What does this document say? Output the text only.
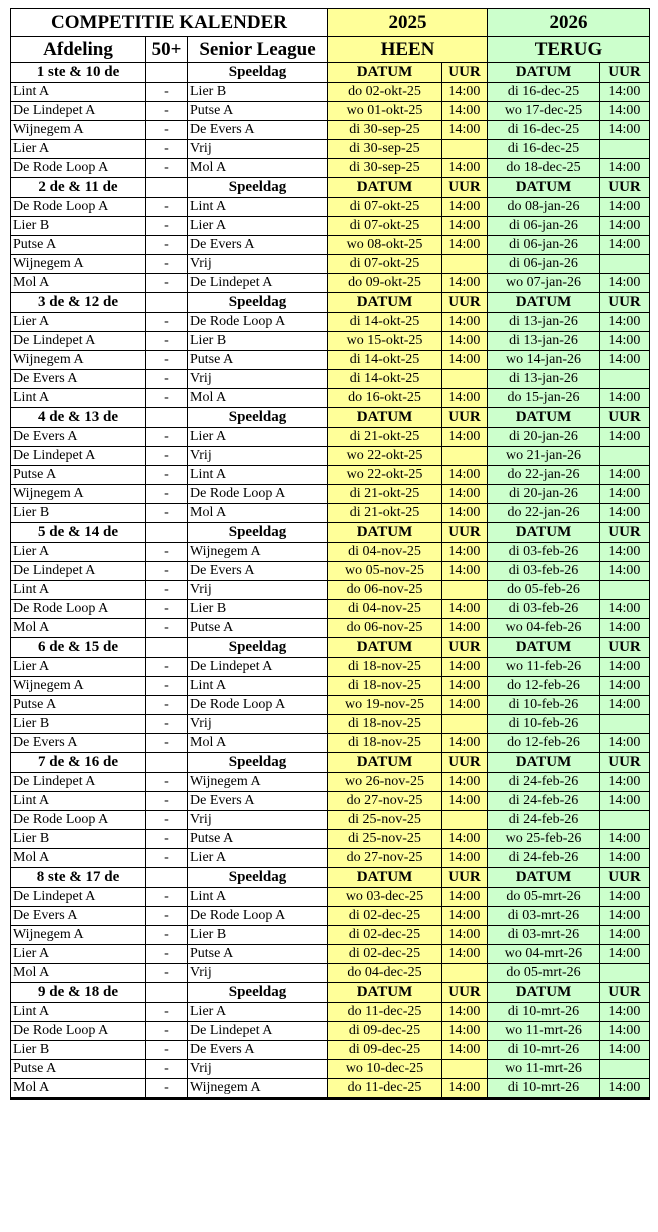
COMPETITIE KALENDER			2025		2026	
Afdeling	50+	Senior League	HEEN		TERUG	
1 ste & 10 de		Speeldag	DATUM	UUR	DATUM	UUR
Lint A	-	Lier B	do 02-okt-25	14:00	di 16-dec-25	14:00
De Lindepet A	-	Putse A	wo 01-okt-25	14:00	wo 17-dec-25	14:00
Wijnegem A	-	De Evers A	di 30-sep-25	14:00	di 16-dec-25	14:00
Lier A	-	Vrij	di 30-sep-25		di 16-dec-25	
De Rode Loop A	-	Mol A	di 30-sep-25	14:00	do 18-dec-25	14:00
2 de & 11 de		Speeldag	DATUM	UUR	DATUM	UUR
De Rode Loop A	-	Lint A	di 07-okt-25	14:00	do 08-jan-26	14:00
Lier B	-	Lier A	di 07-okt-25	14:00	di 06-jan-26	14:00
Putse A	-	De Evers A	wo 08-okt-25	14:00	di 06-jan-26	14:00
Wijnegem A	-	Vrij	di 07-okt-25		di 06-jan-26	
Mol A	-	De Lindepet A	do 09-okt-25	14:00	wo 07-jan-26	14:00
3 de & 12 de		Speeldag	DATUM	UUR	DATUM	UUR
Lier A	-	De Rode Loop A	di 14-okt-25	14:00	di 13-jan-26	14:00
De Lindepet A	-	Lier B	wo 15-okt-25	14:00	di 13-jan-26	14:00
Wijnegem A	-	Putse A	di 14-okt-25	14:00	wo 14-jan-26	14:00
De Evers A	-	Vrij	di 14-okt-25		di 13-jan-26	
Lint A	-	Mol A	do 16-okt-25	14:00	do 15-jan-26	14:00
4 de & 13 de		Speeldag	DATUM	UUR	DATUM	UUR
De Evers A	-	Lier A	di 21-okt-25	14:00	di 20-jan-26	14:00
De Lindepet A	-	Vrij	wo 22-okt-25		wo 21-jan-26	
Putse A	-	Lint A	wo 22-okt-25	14:00	do 22-jan-26	14:00
Wijnegem A	-	De Rode Loop A	di 21-okt-25	14:00	di 20-jan-26	14:00
Lier B	-	Mol A	di 21-okt-25	14:00	do 22-jan-26	14:00
5 de & 14 de		Speeldag	DATUM	UUR	DATUM	UUR
Lier A	-	Wijnegem A	di 04-nov-25	14:00	di 03-feb-26	14:00
De Lindepet A	-	De Evers A	wo 05-nov-25	14:00	di 03-feb-26	14:00
Lint A	-	Vrij	do 06-nov-25		do 05-feb-26	
De Rode Loop A	-	Lier B	di 04-nov-25	14:00	di 03-feb-26	14:00
Mol A	-	Putse A	do 06-nov-25	14:00	wo 04-feb-26	14:00
6 de & 15 de		Speeldag	DATUM	UUR	DATUM	UUR
Lier A	-	De Lindepet A	di 18-nov-25	14:00	wo 11-feb-26	14:00
Wijnegem A	-	Lint A	di 18-nov-25	14:00	do 12-feb-26	14:00
Putse A	-	De Rode Loop A	wo 19-nov-25	14:00	di 10-feb-26	14:00
Lier B	-	Vrij	di 18-nov-25		di 10-feb-26	
De Evers A	-	Mol A	di 18-nov-25	14:00	do 12-feb-26	14:00
7 de & 16 de		Speeldag	DATUM	UUR	DATUM	UUR
De Lindepet A	-	Wijnegem A	wo 26-nov-25	14:00	di 24-feb-26	14:00
Lint A	-	De Evers A	do 27-nov-25	14:00	di 24-feb-26	14:00
De Rode Loop A	-	Vrij	di 25-nov-25		di 24-feb-26	
Lier B	-	Putse A	di 25-nov-25	14:00	wo 25-feb-26	14:00
Mol A	-	Lier A	do 27-nov-25	14:00	di 24-feb-26	14:00
8 ste & 17 de		Speeldag	DATUM	UUR	DATUM	UUR
De Lindepet A	-	Lint A	wo 03-dec-25	14:00	do 05-mrt-26	14:00
De Evers A	-	De Rode Loop A	di 02-dec-25	14:00	di 03-mrt-26	14:00
Wijnegem A	-	Lier B	di 02-dec-25	14:00	di 03-mrt-26	14:00
Lier A	-	Putse A	di 02-dec-25	14:00	wo 04-mrt-26	14:00
Mol A	-	Vrij	do 04-dec-25		do 05-mrt-26	
9 de & 18 de		Speeldag	DATUM	UUR	DATUM	UUR
Lint A	-	Lier A	do 11-dec-25	14:00	di 10-mrt-26	14:00
De Rode Loop A	-	De Lindepet A	di 09-dec-25	14:00	wo 11-mrt-26	14:00
Lier B	-	De Evers A	di 09-dec-25	14:00	di 10-mrt-26	14:00
Putse A	-	Vrij	wo 10-dec-25		wo 11-mrt-26	
Mol A	-	Wijnegem A	do 11-dec-25	14:00	di 10-mrt-26	14:00
